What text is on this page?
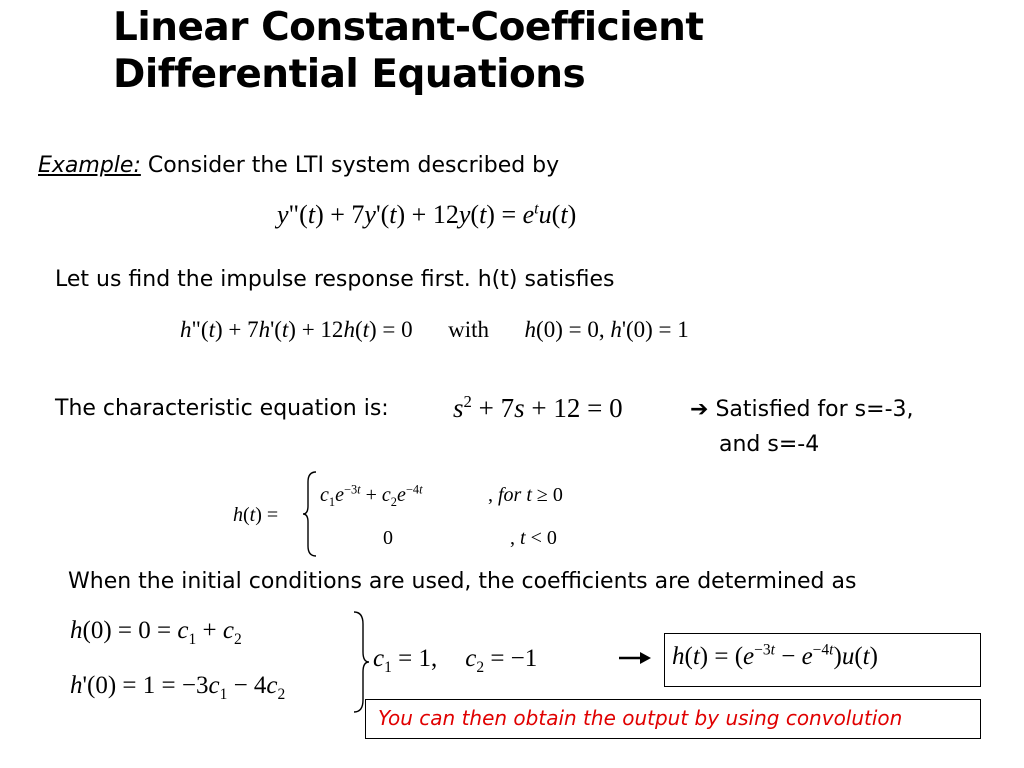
Linear Constant-Coefficient
Differential Equations
Example: Consider the LTI system described by
y"(t) + $7y'(t) + 12y(t) = e^tu(t)$
Let us find the impulse response first. h(t) satisfies
h"(t) + 7h'(t) + 12h(t) = 0  with h(0) = 0, h'(0) = 1
The characteristic equation is: $s^2 + 7s + 12 = 0$	➔ Satisfied for s=-3,
and s=-4
h(t) =
$c_1e^{-3t} + c_2e^{-4t}$	, for t ≥ 0
0	, t < 0
When the initial conditions are used, the coefficients are determined as
$h(0) = 0 = c_1 + c_2$
$h'(0) = 1 = -3c_1 - 4c_2$
$c_1 = 1$, $c_2 = -1$	$h(t) = (e^{-3t} - e^{-4t})u(t)$
You can then obtain the output by using convolution
